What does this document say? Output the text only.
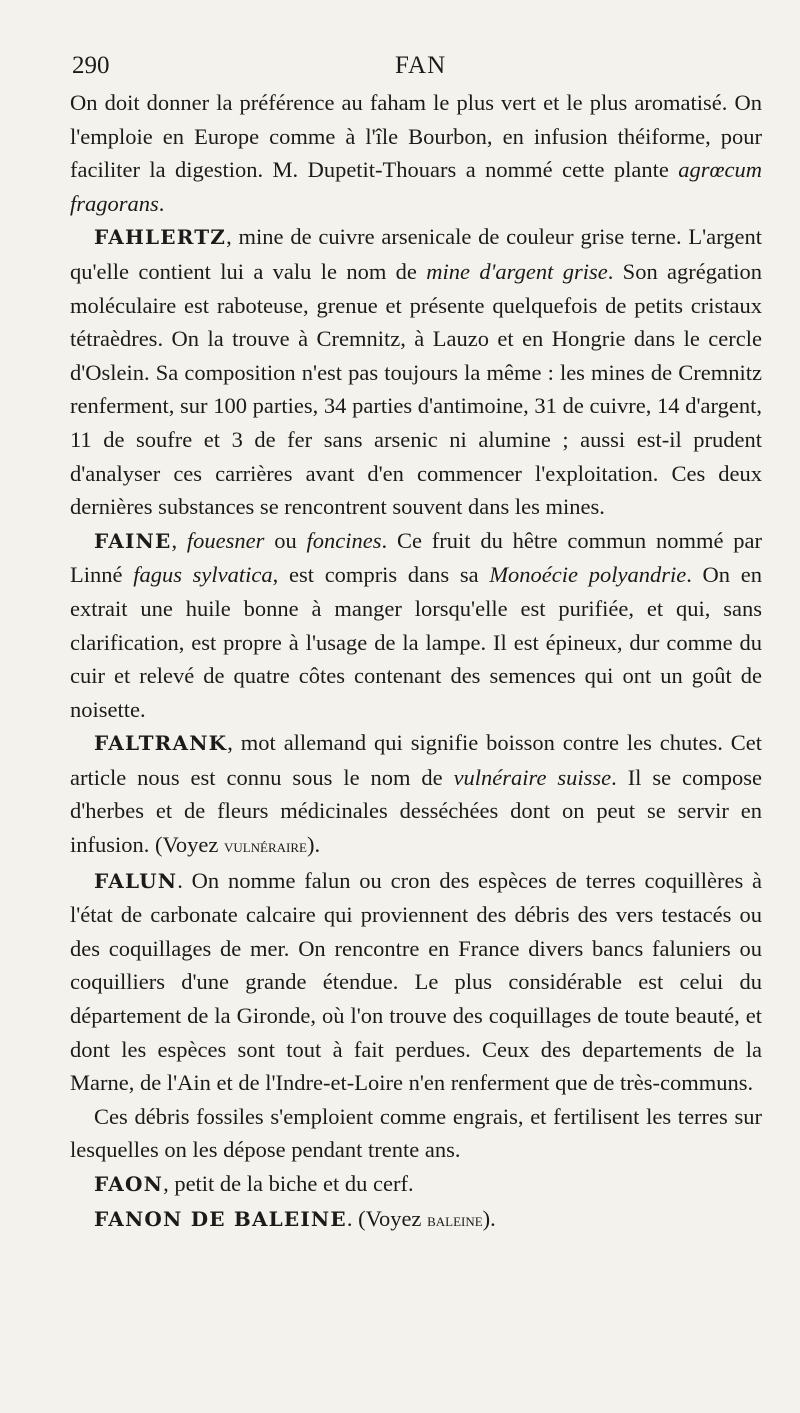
290	FAN

On doit donner la préférence au faham le plus vert et le plus aromatisé. On l'emploie en Europe comme à l'île Bourbon, en infusion théiforme, pour faciliter la digestion. M. Dupetit-Thouars a nommé cette plante agrœcum fragorans.

FAHLERTZ, mine de cuivre arsenicale de couleur grise terne. L'argent qu'elle contient lui a valu le nom de mine d'argent grise. Son agrégation moléculaire est raboteuse, grenue et présente quelquefois de petits cristaux tétraèdres. On la trouve à Cremnitz, à Lauzo et en Hongrie dans le cercle d'Oslein. Sa composition n'est pas toujours la même : les mines de Cremnitz renferment, sur 100 parties, 34 parties d'antimoine, 31 de cuivre, 14 d'argent, 11 de soufre et 3 de fer sans arsenic ni alumine ; aussi est-il prudent d'analyser ces carrières avant d'en commencer l'exploitation. Ces deux dernières substances se rencontrent souvent dans les mines.

FAINE, fouesner ou foncines. Ce fruit du hêtre commun nommé par Linné fagus sylvatica, est compris dans sa Monoécie polyandrie. On en extrait une huile bonne à manger lorsqu'elle est purifiée, et qui, sans clarification, est propre à l'usage de la lampe. Il est épineux, dur comme du cuir et relevé de quatre côtes contenant des semences qui ont un goût de noisette.

FALTRANK, mot allemand qui signifie boisson contre les chutes. Cet article nous est connu sous le nom de vulnéraire suisse. Il se compose d'herbes et de fleurs médicinales desséchées dont on peut se servir en infusion. (Voyez vulnéraire).

FALUN. On nomme falun ou cron des espèces de terres coquillères à l'état de carbonate calcaire qui proviennent des débris des vers testacés ou des coquillages de mer. On rencontre en France divers bancs faluniers ou coquilliers d'une grande étendue. Le plus considérable est celui du département de la Gironde, où l'on trouve des coquillages de toute beauté, et dont les espèces sont tout à fait perdues. Ceux des departements de la Marne, de l'Ain et de l'Indre-et-Loire n'en renferment que de très-communs.

Ces débris fossiles s'emploient comme engrais, et fertilisent les terres sur lesquelles on les dépose pendant trente ans.

FAON, petit de la biche et du cerf.

FANON DE BALEINE. (Voyez baleine).
